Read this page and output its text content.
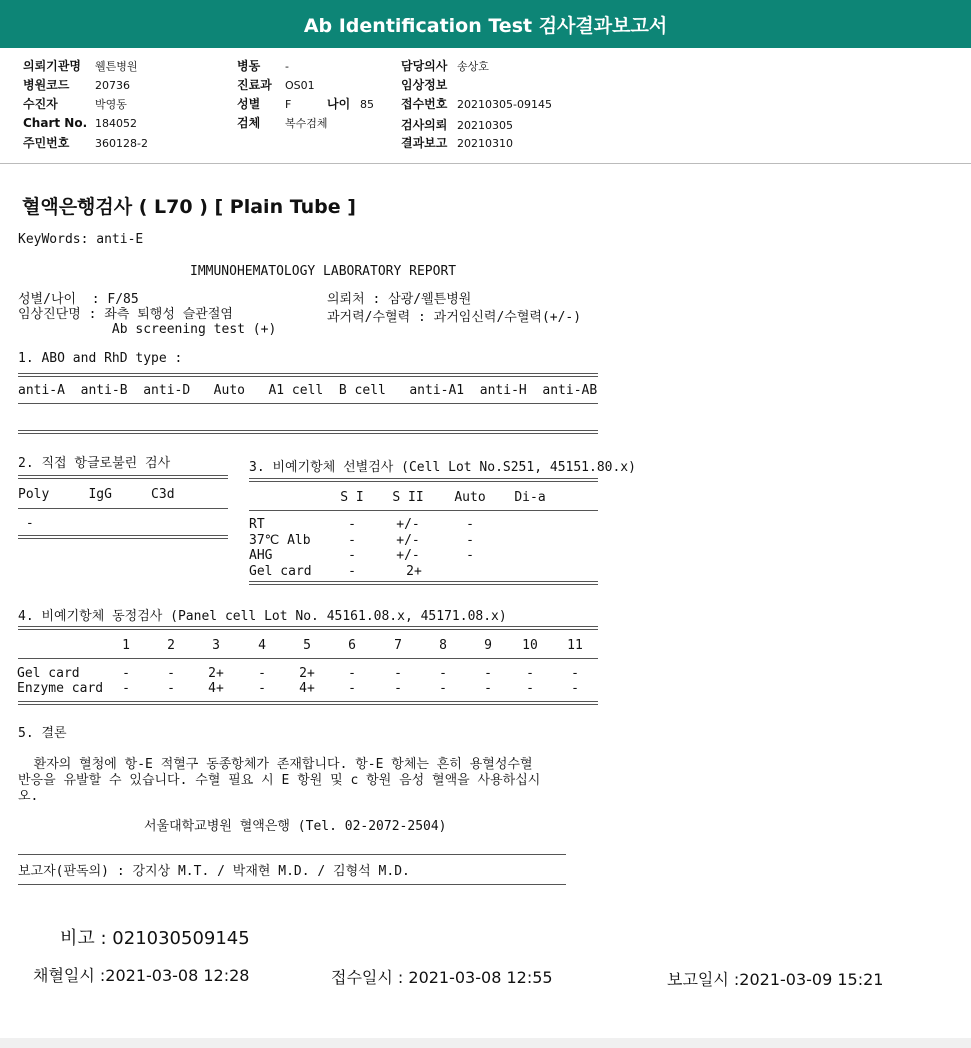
Ab Identification Test 검사결과보고서
의뢰기관명 웰튼병원
병원코드 20736
수진자	박영동
Chart No. 184052
주민번호 360128-2
병동 -
진료과 OS01
성별 F
검체 복수검체
담당의사 송상호
임상정보
접수번호 20210305-09145
검사의뢰 20210305
결과보고 20210310
나이 85
혈액은행검사 ( L70 ) [ Plain Tube ]
KeyWords: anti-E
IMMUNOHEMATOLOGY LABORATORY REPORT
성별/나이  : F/85
임상진단명 : 좌측 퇴행성 슬관절염
Ab screening test (+)
의뢰처 : 삼광/웰튼병원
과거력/수혈력 : 과거임신력/수혈력(+/-)
1. ABO and RhD type :
anti-A  anti-B  anti-D   Auto   A1 cell  B cell   anti-A1  anti-H  anti-AB
2. 직접 항글로불린 검사
Poly     IgG     C3d
-
3. 비예기항체 선별검사 (Cell Lot No.S251, 45151.80.x)
S I	S II	Auto	Di-a
RT	-	+/-	-
37℃ Alb	-	+/-	-
AHG	-	+/-	-
Gel card	-	2+
4. 비예기항체 동정검사 (Panel cell Lot No. 45161.08.x, 45171.08.x)
1	2	3	4	5	6	7	8	9	10	11
Gel card	-	-	2+	-	2+	-	-	-	-	-	-
Enzyme card	-	-	4+	-	4+	-	-	-	-	-	-
5. 결론
환자의 혈청에 항-E 적혈구 동종항체가 존재합니다. 항-E 항체는 흔히 용혈성수혈
반응을 유발할 수 있습니다. 수혈 필요 시 E 항원 및 c 항원 음성 혈액을 사용하십시
오.
서울대학교병원 혈액은행 (Tel. 02-2072-2504)
보고자(판독의) : 강지상 M.T. / 박재현 M.D. / 김형석 M.D.
비고 : 021030509145
채혈일시 :2021-03-08 12:28	접수일시 : 2021-03-08 12:55	보고일시 :2021-03-09 15:21
